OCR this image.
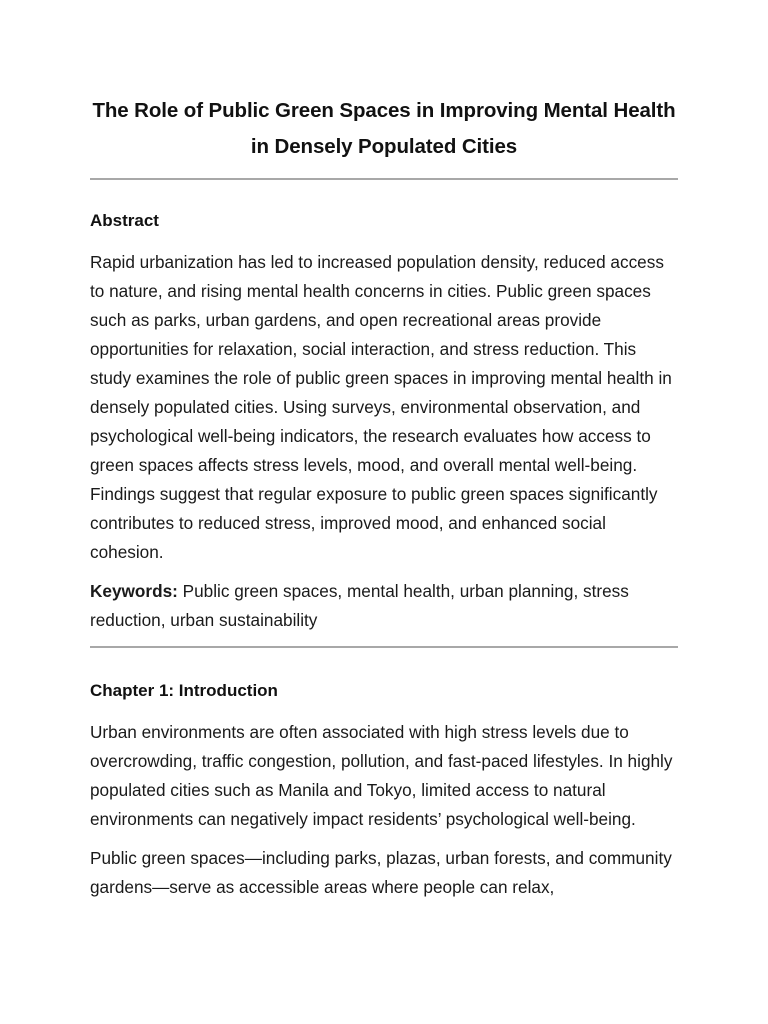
The Role of Public Green Spaces in Improving Mental Health in Densely Populated Cities
Abstract

Rapid urbanization has led to increased population density, reduced access to nature, and rising mental health concerns in cities. Public green spaces such as parks, urban gardens, and open recreational areas provide opportunities for relaxation, social interaction, and stress reduction. This study examines the role of public green spaces in improving mental health in densely populated cities. Using surveys, environmental observation, and psychological well-being indicators, the research evaluates how access to green spaces affects stress levels, mood, and overall mental well-being. Findings suggest that regular exposure to public green spaces significantly contributes to reduced stress, improved mood, and enhanced social cohesion.

Keywords: Public green spaces, mental health, urban planning, stress reduction, urban sustainability

Chapter 1: Introduction

Urban environments are often associated with high stress levels due to overcrowding, traffic congestion, pollution, and fast-paced lifestyles. In highly populated cities such as Manila and Tokyo, limited access to natural environments can negatively impact residents’ psychological well-being.

Public green spaces—including parks, plazas, urban forests, and community gardens—serve as accessible areas where people can relax,
